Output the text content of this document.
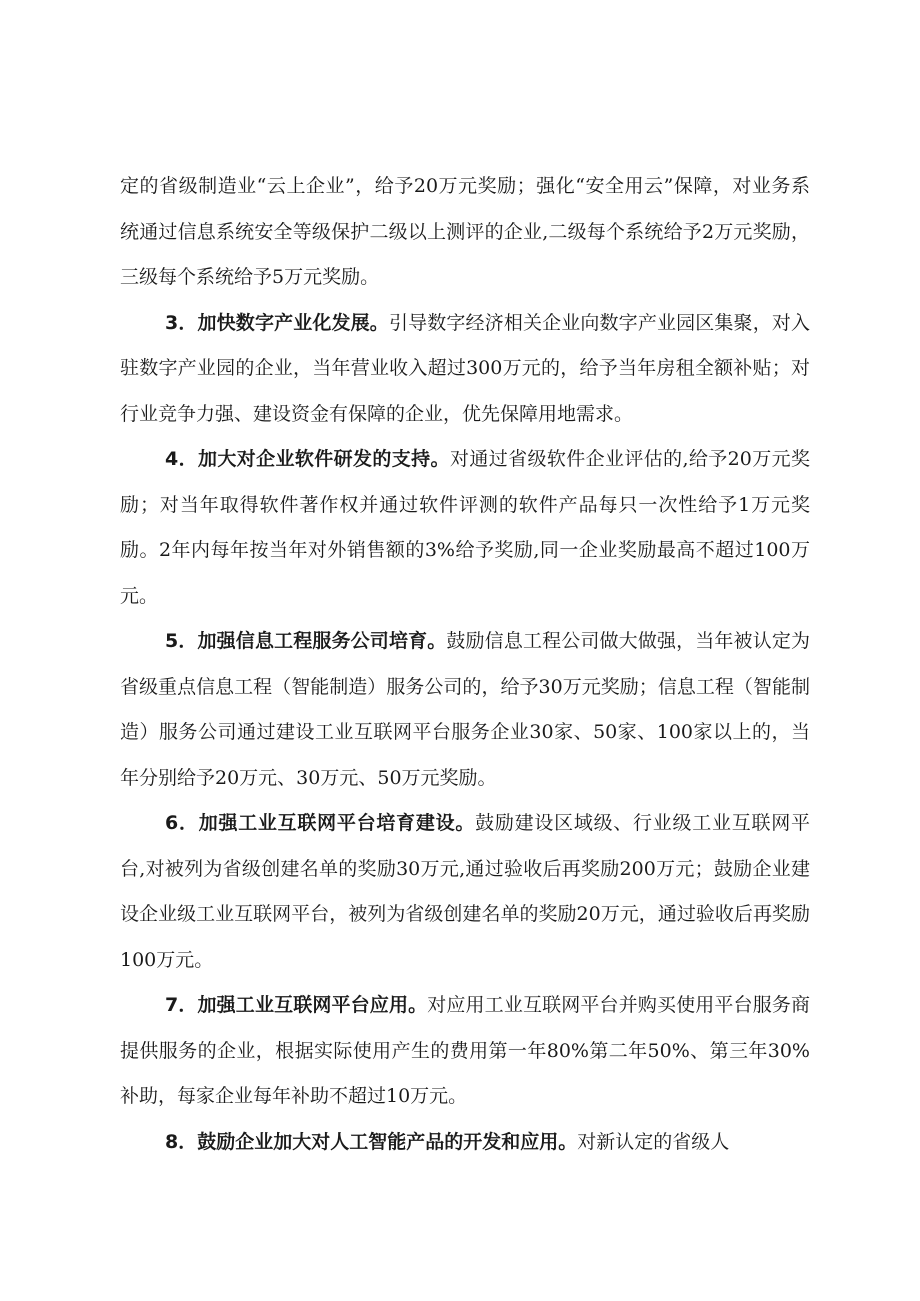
定的省级制造业“云上企业”，给予20万元奖励；强化“安全用云”保障，对业务系统通过信息系统安全等级保护二级以上测评的企业,二级每个系统给予2万元奖励，三级每个系统给予5万元奖励。

3．加快数字产业化发展。引导数字经济相关企业向数字产业园区集聚，对入驻数字产业园的企业，当年营业收入超过300万元的，给予当年房租全额补贴；对行业竞争力强、建设资金有保障的企业，优先保障用地需求。

4．加大对企业软件研发的支持。对通过省级软件企业评估的,给予20万元奖励；对当年取得软件著作权并通过软件评测的软件产品每只一次性给予1万元奖励。2年内每年按当年对外销售额的3%给予奖励,同一企业奖励最高不超过100万元。

5．加强信息工程服务公司培育。鼓励信息工程公司做大做强，当年被认定为省级重点信息工程（智能制造）服务公司的，给予30万元奖励；信息工程（智能制造）服务公司通过建设工业互联网平台服务企业30家、50家、100家以上的，当年分别给予20万元、30万元、50万元奖励。

6．加强工业互联网平台培育建设。鼓励建设区域级、行业级工业互联网平台,对被列为省级创建名单的奖励30万元,通过验收后再奖励200万元；鼓励企业建设企业级工业互联网平台，被列为省级创建名单的奖励20万元，通过验收后再奖励100万元。

7．加强工业互联网平台应用。对应用工业互联网平台并购买使用平台服务商提供服务的企业，根据实际使用产生的费用第一年80%第二年50%、第三年30%补助，每家企业每年补助不超过10万元。

8．鼓励企业加大对人工智能产品的开发和应用。对新认定的省级人
